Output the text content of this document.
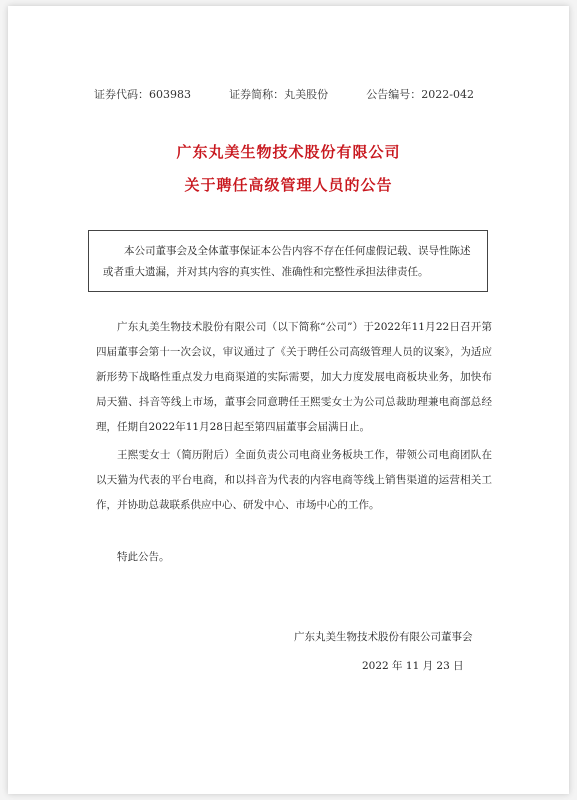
证券代码：603983	证券简称：丸美股份	公告编号：2022-042
广东丸美生物技术股份有限公司
关于聘任高级管理人员的公告

本公司董事会及全体董事保证本公告内容不存在任何虚假记载、误导性陈述或者重大遗漏，并对其内容的真实性、准确性和完整性承担法律责任。

广东丸美生物技术股份有限公司（以下简称“公司”）于2022年11月22日召开第四届董事会第十一次会议，审议通过了《关于聘任公司高级管理人员的议案》，为适应新形势下战略性重点发力电商渠道的实际需要，加大力度发展电商板块业务，加快布局天猫、抖音等线上市场，董事会同意聘任王熙雯女士为公司总裁助理兼电商部总经理，任期自2022年11月28日起至第四届董事会届满日止。

王熙雯女士（简历附后）全面负责公司电商业务板块工作，带领公司电商团队在以天猫为代表的平台电商，和以抖音为代表的内容电商等线上销售渠道的运营相关工作，并协助总裁联系供应中心、研发中心、市场中心的工作。

特此公告。

广东丸美生物技术股份有限公司董事会
2022 年 11 月 23 日
